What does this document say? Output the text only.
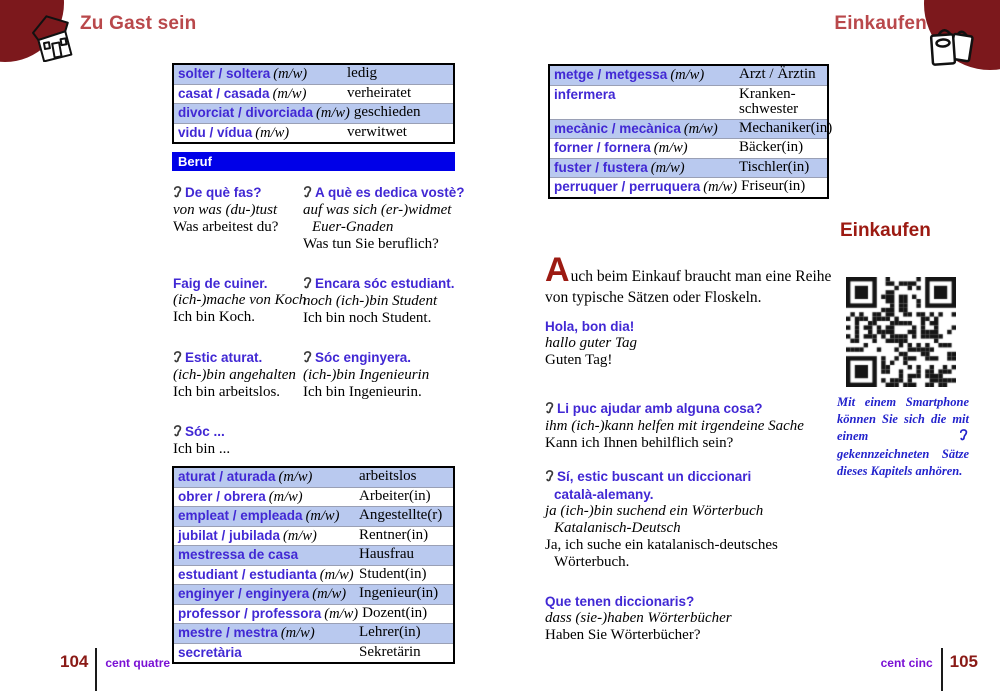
Zu Gast sein	Einkaufen
solter / soltera (m/w)	ledig
casat / casada (m/w)	verheiratet
divorciat / divorciada (m/w) geschieden
vidu / vídua (m/w)	verwitwet
Beruf
De què fas?
von was (du-)tust
Was arbeitest du?
A què es dedica vostè?
auf was sich (er-)widmet
Euer-Gnaden
Was tun Sie beruflich?
Faig de cuiner.
(ich-)mache von Koch
Ich bin Koch.
Encara sóc estudiant.
noch (ich-)bin Student
Ich bin noch Student.
Estic aturat.
(ich-)bin angehalten
Ich bin arbeitslos.
Sóc enginyera.
(ich-)bin Ingenieurin
Ich bin Ingenieurin.
Sóc ...
Ich bin ...
aturat / aturada (m/w)	arbeitslos
obrer / obrera (m/w)	Arbeiter(in)
empleat / empleada (m/w)	Angestellte(r)
jubilat / jubilada (m/w)	Rentner(in)
mestressa de casa	Hausfrau
estudiant / estudianta (m/w) Student(in)
enginyer / enginyera (m/w) Ingenieur(in)
professor / professora (m/w) Dozent(in)
mestre / mestra (m/w)	Lehrer(in)
secretària	Sekretärin
metge / metgessa (m/w)	Arzt / Ärztin
infermera	Kranken-
schwester
mecànic / mecànica (m/w)	Mechaniker(in)
forner / fornera (m/w)	Bäcker(in)
fuster / fustera (m/w)	Tischler(in)
perruquer / perruquera (m/w) Friseur(in)
Einkaufen
Auch beim Einkauf braucht man eine Reihe von typische Sätzen oder Floskeln.
Mit einem Smartphone können Sie sich die mit einem  gekennzeichneten Sätze dieses Kapitels anhören.
Hola, bon dia!
hallo guter Tag
Guten Tag!
Li puc ajudar amb alguna cosa?
ihm (ich-)kann helfen mit irgendeine Sache
Kann ich Ihnen behilflich sein?
Sí, estic buscant un diccionari
català-alemany.
ja (ich-)bin suchend ein Wörterbuch
Katalanisch-Deutsch
Ja, ich suche ein katalanisch-deutsches
Wörterbuch.
Que tenen diccionaris?
dass (sie-)haben Wörterbücher
Haben Sie Wörterbücher?
104 cent quatre	cent cinc 105
